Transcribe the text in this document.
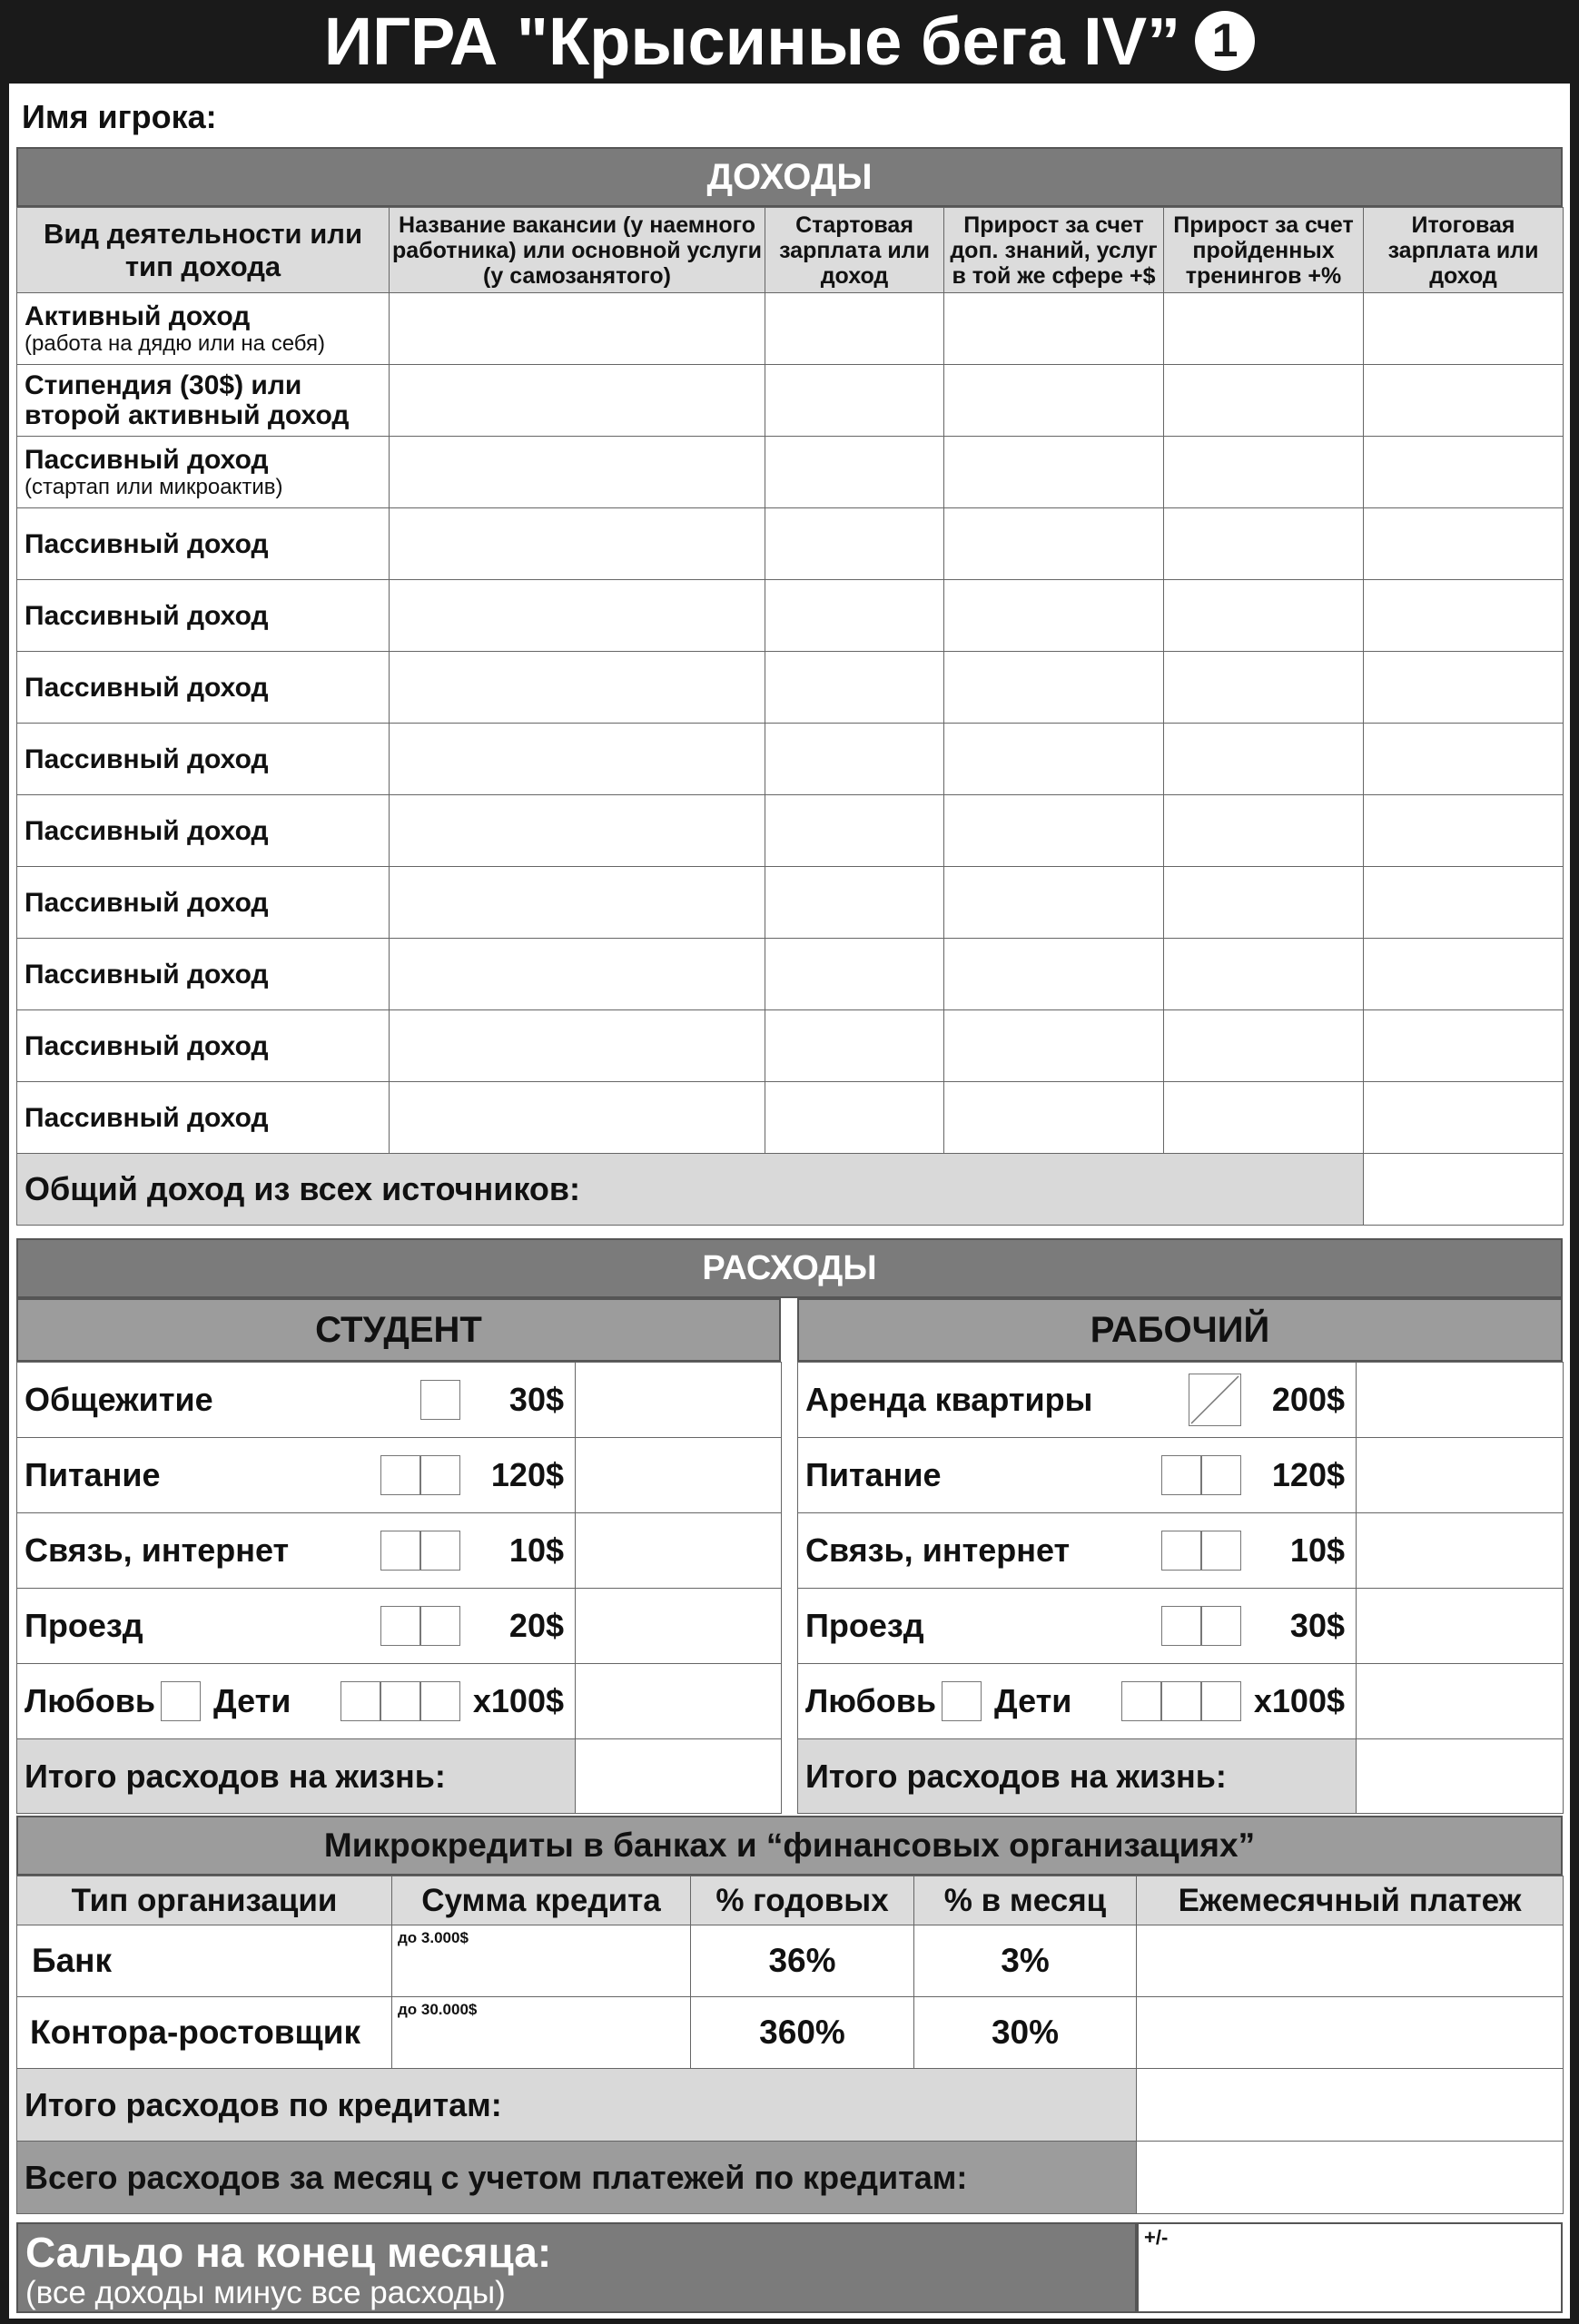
ИГРА "Крысиные бега IV” 1
Имя игрока:
ДОХОДЫ
Вид деятельности или тип дохода	Название вакансии (у наемного работника) или основной услуги (у самозанятого)	Стартовая зарплата или доход	Прирост за счет доп. знаний, услуг в той же сфере +$	Прирост за счет пройденных тренингов +%	Итоговая зарплата или доход

Активный доход
(работа на дядю или на себя)					

Стипендия (30$) или второй активный доход					

Пассивный доход
(стартап или микроактив)					

Пассивный доход					

Пассивный доход					

Пассивный доход					

Пассивный доход					

Пассивный доход					

Пассивный доход					

Пассивный доход					

Пассивный доход					

Пассивный доход					

Общий доход из всех источников:					
РАСХОДЫ
СТУДЕНТ	РАБОЧИЙ
Общежитие 30$	

Питание 120$	

Связь, интернет 10$	

Проезд 20$	

Любовь Дети x100$	

Итого расходов на жизнь:	
Аренда квартиры 200$	

Питание 120$	

Связь, интернет 10$	

Проезд 30$	

Любовь Дети x100$	

Итого расходов на жизнь:	
Микрокредиты в банках и “финансовых организациях”
Тип организации	Сумма кредита	% годовых	% в месяц	Ежемесячный платеж
Банк	до 3.000$	36%	3%	
Контора-ростовщик	до 30.000$	360%	30%	

Итого расходов по кредитам:				

Всего расходов за месяц с учетом платежей по кредитам:				

Сальдо на конец месяца:
(все доходы минус все расходы)
+/-
